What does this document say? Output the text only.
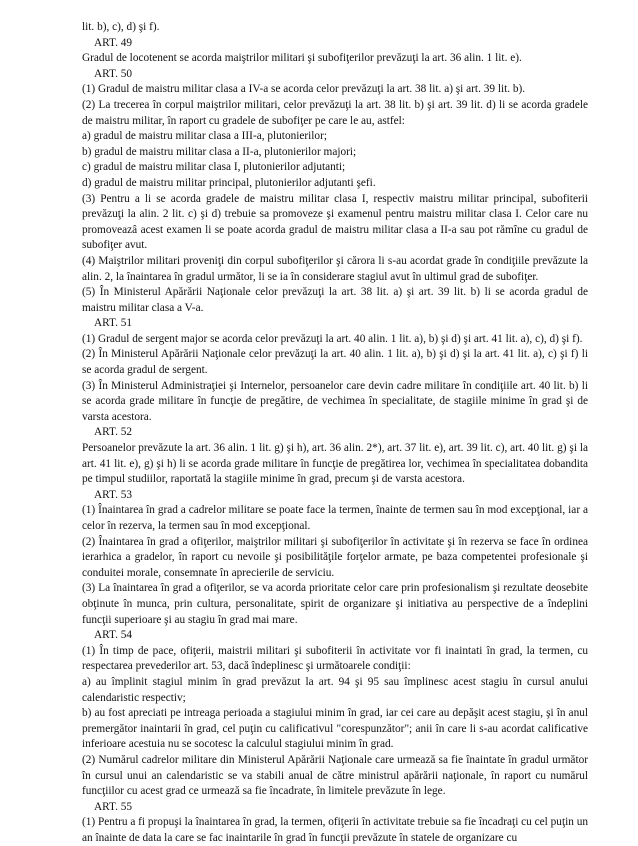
lit. b), c), d) şi f).

ART. 49

Gradul de locotenent se acorda maiştrilor militari şi subofiţerilor prevăzuţi la art. 36 alin. 1 lit. e).

ART. 50

(1) Gradul de maistru militar clasa a IV-a se acorda celor prevăzuţi la art. 38 lit. a) şi art. 39 lit. b).

(2) La trecerea în corpul maiştrilor militari, celor prevăzuţi la art. 38 lit. b) şi art. 39 lit. d) li se acorda gradele de maistru militar, în raport cu gradele de subofiţer pe care le au, astfel:

a) gradul de maistru militar clasa a III-a, plutonierilor;

b) gradul de maistru militar clasa a II-a, plutonierilor majori;

c) gradul de maistru militar clasa I, plutonierilor adjutanti;

d) gradul de maistru militar principal, plutonierilor adjutanti şefi.

(3) Pentru a li se acorda gradele de maistru militar clasa I, respectiv maistru militar principal, subofiterii prevăzuţi la alin. 2 lit. c) şi d) trebuie sa promoveze şi examenul pentru maistru militar clasa I. Celor care nu promoveazâ acest examen li se poate acorda gradul de maistru militar clasa a II-a sau pot rămîne cu gradul de subofiţer avut.

(4) Maiştrilor militari proveniţi din corpul subofiţerilor şi cărora li s-au acordat grade în condiţiile prevăzute la alin. 2, la înaintarea în gradul următor, li se ia în considerare stagiul avut în ultimul grad de subofiţer.

(5) În Ministerul Apărării Naţionale celor prevăzuţi la art. 38 lit. a) şi art. 39 lit. b) li se acorda gradul de maistru militar clasa a V-a.

ART. 51

(1) Gradul de sergent major se acorda celor prevăzuţi la art. 40 alin. 1 lit. a), b) şi d) şi art. 41 lit. a), c), d) şi f).

(2) În Ministerul Apărării Naţionale celor prevăzuţi la art. 40 alin. 1 lit. a), b) şi d) şi la art. 41 lit. a), c) şi f) li se acorda gradul de sergent.

(3) În Ministerul Administraţiei şi Internelor, persoanelor care devin cadre militare în condiţiile art. 40 lit. b) li se acorda grade militare în funcţie de pregătire, de vechimea în specialitate, de stagiile minime în grad şi de varsta acestora.

ART. 52

Persoanelor prevăzute la art. 36 alin. 1 lit. g) şi h), art. 36 alin. 2*), art. 37 lit. e), art. 39 lit. c), art. 40 lit. g) şi la art. 41 lit. e), g) şi h) li se acorda grade militare în funcţie de pregătirea lor, vechimea în specialitatea dobandita pe timpul studiilor, raportată la stagiile minime în grad, precum şi de varsta acestora.

ART. 53

(1) Înaintarea în grad a cadrelor militare se poate face la termen, înainte de termen sau în mod excepţional, iar a celor în rezerva, la termen sau în mod excepţional.

(2) Înaintarea în grad a ofiţerilor, maiştrilor militari şi subofiţerilor în activitate şi în rezerva se face în ordinea ierarhica a gradelor, în raport cu nevoile şi posibilităţile forţelor armate, pe baza competentei profesionale şi conduitei morale, consemnate în aprecierile de serviciu.

(3) La înaintarea în grad a ofiţerilor, se va acorda prioritate celor care prin profesionalism şi rezultate deosebite obţinute în munca, prin cultura, personalitate, spirit de organizare şi initiativa au perspective de a îndeplini funcţii superioare şi au stagiu în grad mai mare.

ART. 54

(1) În timp de pace, ofiţerii, maistrii militari şi subofiterii în activitate vor fi inaintati în grad, la termen, cu respectarea prevederilor art. 53, dacă îndeplinesc şi următoarele condiţii:

a) au împlinit stagiul minim în grad prevăzut la art. 94 şi 95 sau împlinesc acest stagiu în cursul anului calendaristic respectiv;

b) au fost apreciati pe intreaga perioada a stagiului minim în grad, iar cei care au depăşit acest stagiu, şi în anul premergător inaintarii în grad, cel puţin cu calificativul "corespunzător"; anii în care li s-au acordat calificative inferioare acestuia nu se socotesc la calculul stagiului minim în grad.

(2) Numărul cadrelor militare din Ministerul Apărării Naţionale care urmează sa fie înaintate în gradul următor în cursul unui an calendaristic se va stabili anual de către ministrul apărării naţionale, în raport cu numărul funcţiilor cu acest grad ce urmează sa fie încadrate, în limitele prevăzute în lege.

ART. 55

(1) Pentru a fi propuşi la înaintarea în grad, la termen, ofiţerii în activitate trebuie sa fie încadraţi cu cel puţin un an înainte de data la care se fac inaintarile în grad în funcţii prevăzute în statele de organizare cu
